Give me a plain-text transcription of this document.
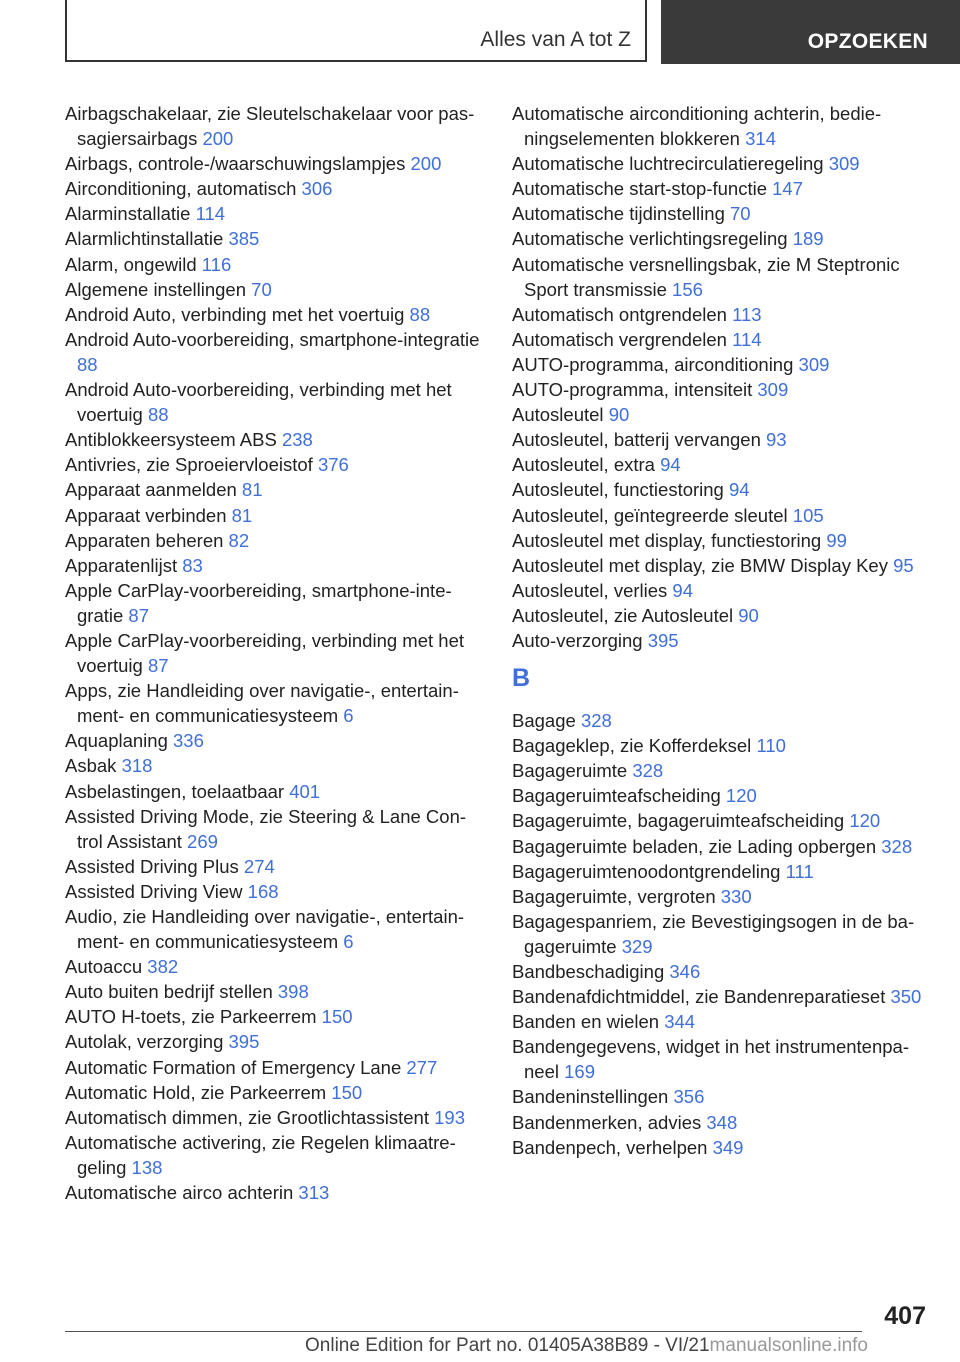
Alles van A tot Z	OPZOEKEN
Airbagschakelaar, zie Sleutelschakelaar voor passagiersairbags 200
Airbags, controle-/waarschuwingslampjes 200
Airconditioning, automatisch 306
Alarminstallatie 114
Alarmlichtinstallatie 385
Alarm, ongewild 116
Algemene instellingen 70
Android Auto, verbinding met het voertuig 88
Android Auto-voorbereiding, smartphone-integratie 88
Android Auto-voorbereiding, verbinding met het voertuig 88
Antiblokkeersysteem ABS 238
Antivries, zie Sproeiervloeistof 376
Apparaat aanmelden 81
Apparaat verbinden 81
Apparaten beheren 82
Apparatenlijst 83
Apple CarPlay-voorbereiding, smartphone-integratie 87
Apple CarPlay-voorbereiding, verbinding met het voertuig 87
Apps, zie Handleiding over navigatie-, entertainment- en communicatiesysteem 6
Aquaplaning 336
Asbak 318
Asbelastingen, toelaatbaar 401
Assisted Driving Mode, zie Steering & Lane Control Assistant 269
Assisted Driving Plus 274
Assisted Driving View 168
Audio, zie Handleiding over navigatie-, entertainment- en communicatiesysteem 6
Autoaccu 382
Auto buiten bedrijf stellen 398
AUTO H-toets, zie Parkeerrem 150
Autolak, verzorging 395
Automatic Formation of Emergency Lane 277
Automatic Hold, zie Parkeerrem 150
Automatisch dimmen, zie Grootlichtassistent 193
Automatische activering, zie Regelen klimaatregeling 138
Automatische airco achterin 313
Automatische airconditioning achterin, bedieningselementen blokkeren 314
Automatische luchtrecirculatieregeling 309
Automatische start-stop-functie 147
Automatische tijdinstelling 70
Automatische verlichtingsregeling 189
Automatische versnellingsbak, zie M Steptronic Sport transmissie 156
Automatisch ontgrendelen 113
Automatisch vergrendelen 114
AUTO-programma, airconditioning 309
AUTO-programma, intensiteit 309
Autosleutel 90
Autosleutel, batterij vervangen 93
Autosleutel, extra 94
Autosleutel, functiestoring 94
Autosleutel, geïntegreerde sleutel 105
Autosleutel met display, functiestoring 99
Autosleutel met display, zie BMW Display Key 95
Autosleutel, verlies 94
Autosleutel, zie Autosleutel 90
Auto-verzorging 395
B
Bagage 328
Bagageklep, zie Kofferdeksel 110
Bagageruimte 328
Bagageruimteafscheiding 120
Bagageruimte, bagageruimteafscheiding 120
Bagageruimte beladen, zie Lading opbergen 328
Bagageruimtenoodontgrendeling 111
Bagageruimte, vergroten 330
Bagagespanriem, zie Bevestigingsogen in de bagageruimte 329
Bandbeschadiging 346
Bandenafdichtmiddel, zie Bandenreparatieset 350
Banden en wielen 344
Bandengegevens, widget in het instrumentenpaneel 169
Bandeninstellingen 356
Bandenmerken, advies 348
Bandenpech, verhelpen 349
407
Online Edition for Part no. 01405A38B89 - VI/21manualsonline.info
